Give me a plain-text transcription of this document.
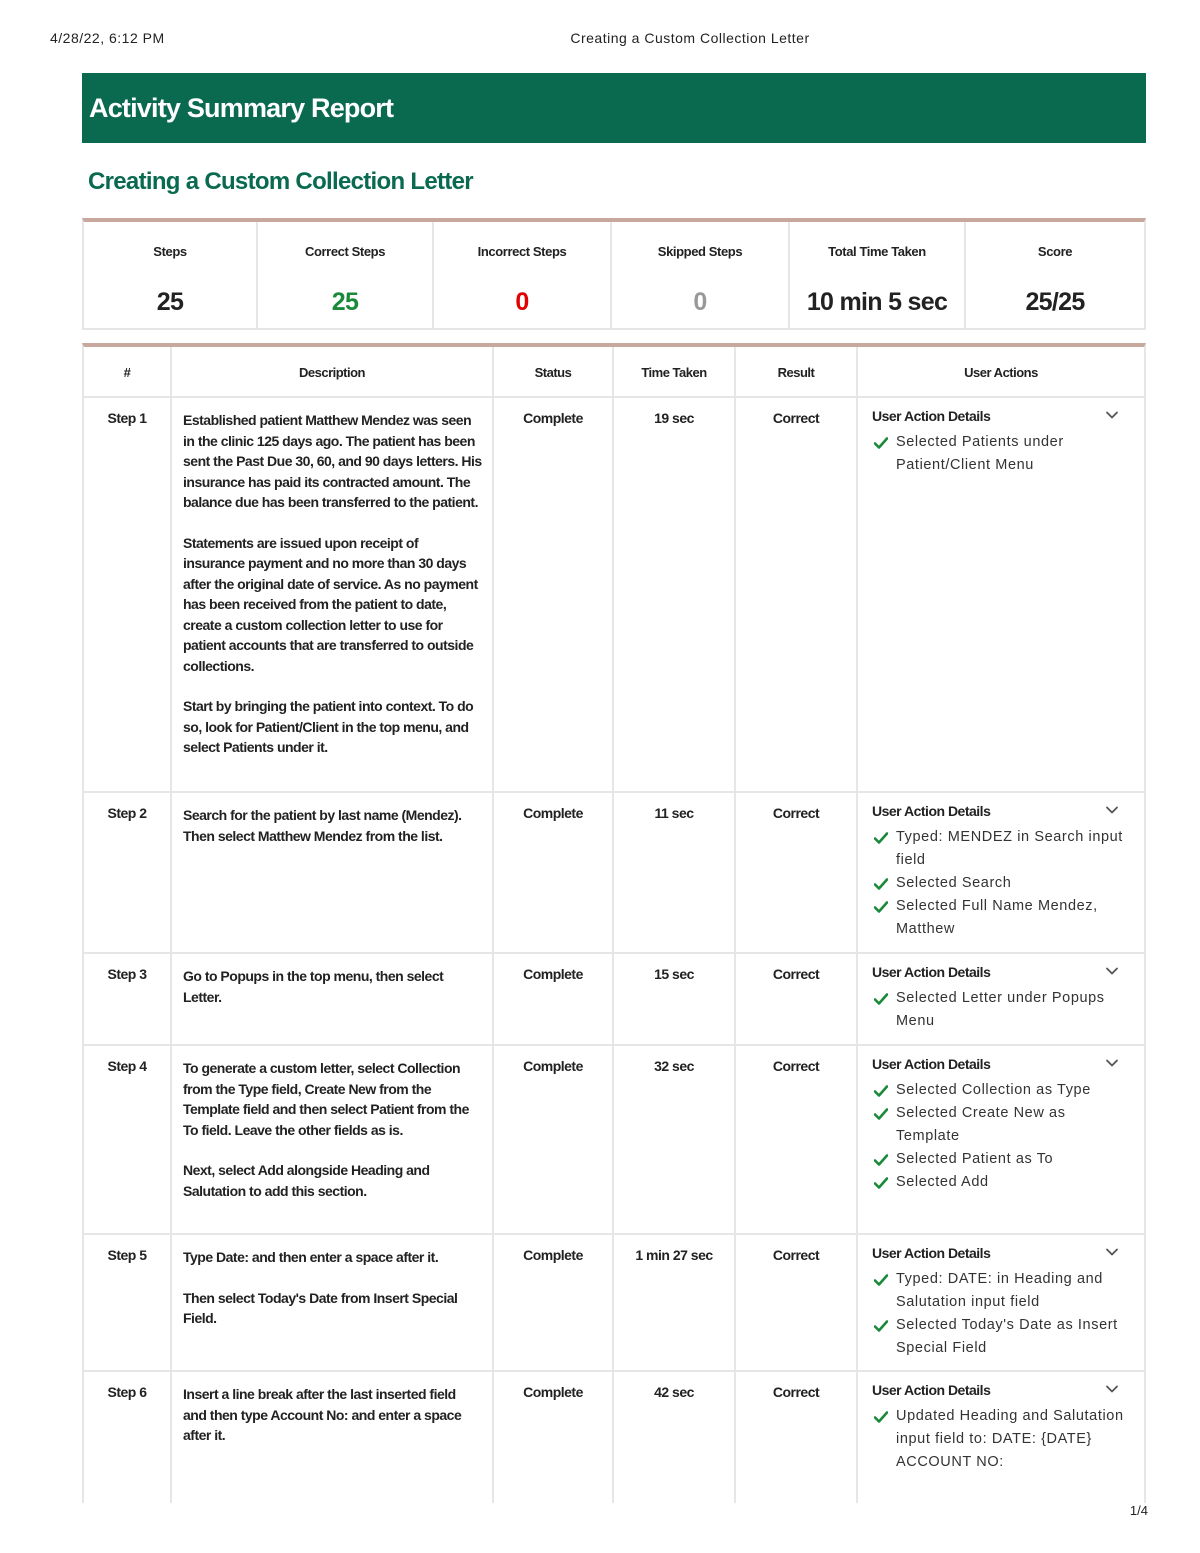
4/28/22, 6:12 PM	Creating a Custom Collection Letter
Activity Summary Report
Creating a Custom Collection Letter
Steps
25
Correct Steps
25
Incorrect Steps
0
Skipped Steps
0
Total Time Taken
10 min 5 sec
Score
25/25
#	Description	Status	Time Taken	Result	User Actions
Step 1	Established patient Matthew Mendez was seen in the clinic 125 days ago. The patient has been sent the Past Due 30, 60, and 90 days letters. His insurance has paid its contracted amount. The balance due has been transferred to the patient.
Statements are issued upon receipt of insurance payment and no more than 30 days after the original date of service. As no payment has been received from the patient to date, create a custom collection letter to use for patient accounts that are transferred to outside collections.
Start by bringing the patient into context. To do so, look for Patient/Client in the top menu, and select Patients under it.
Complete	19 sec	Correct	User Action Details
Selected Patients under Patient/Client Menu
Step 2	Search for the patient by last name (Mendez). Then select Matthew Mendez from the list.
Complete	11 sec	Correct	User Action Details
Typed: MENDEZ in Search input field
Selected Search
Selected Full Name Mendez, Matthew
Step 3	Go to Popups in the top menu, then select Letter.
Complete	15 sec	Correct	User Action Details
Selected Letter under Popups Menu
Step 4	To generate a custom letter, select Collection from the Type field, Create New from the Template field and then select Patient from the To field. Leave the other fields as is.
Next, select Add alongside Heading and Salutation to add this section.
Complete	32 sec	Correct	User Action Details
Selected Collection as Type
Selected Create New as Template
Selected Patient as To
Selected Add
Step 5	Type Date: and then enter a space after it.
Then select Today's Date from Insert Special Field.
Complete	1 min 27 sec	Correct	User Action Details
Typed: DATE: in Heading and Salutation input field
Selected Today's Date as Insert Special Field
Step 6	Insert a line break after the last inserted field and then type Account No: and enter a space after it.
Complete	42 sec	Correct	User Action Details
Updated Heading and Salutation input field to: DATE: {DATE} ACCOUNT NO:
1/4
